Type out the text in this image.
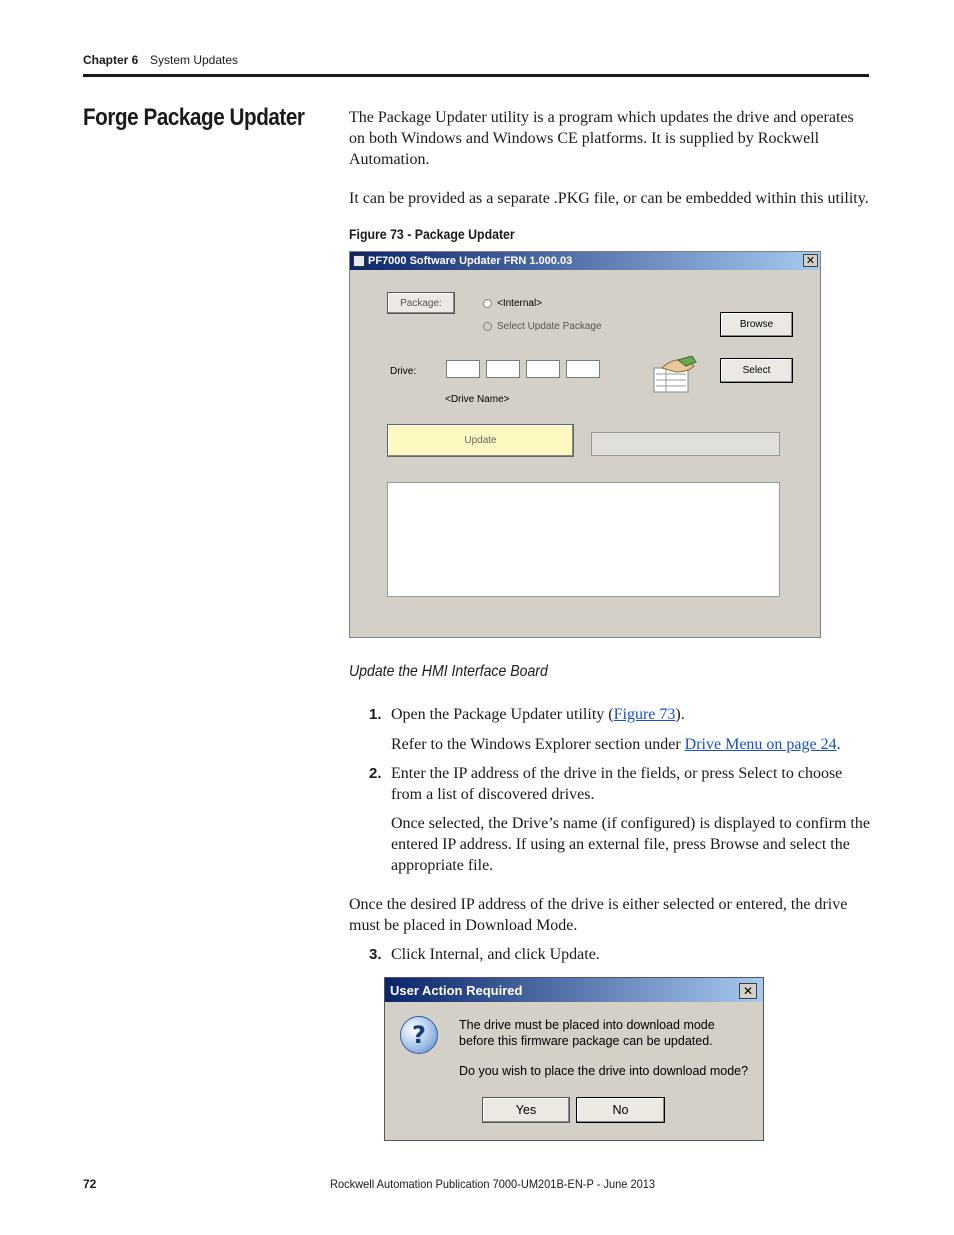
Chapter 6 System Updates
Forge Package Updater	The Package Updater utility is a program which updates the drive and operates on both Windows and Windows CE platforms. It is supplied by Rockwell Automation.
It can be provided as a separate .PKG file, or can be embedded within this utility.
Figure 73 - Package Updater
PF7000 Software Updater FRN 1.000.03	✕
Package:	<Internal>
Select Update Package	Browse
Drive:	Select
<Drive Name>
Update
Update the HMI Interface Board
1. Open the Package Updater utility (Figure 73).
Refer to the Windows Explorer section under Drive Menu on page 24.
2. Enter the IP address of the drive in the fields, or press Select to choose from a list of discovered drives.
Once selected, the Drive’s name (if configured) is displayed to confirm the entered IP address. If using an external file, press Browse and select the appropriate file.
Once the desired IP address of the drive is either selected or entered, the drive must be placed in Download Mode.
3. Click Internal, and click Update.
User Action Required	✕
?	The drive must be placed into download mode
before this firmware package can be updated.
Do you wish to place the drive into download mode?
Yes	No
72	Rockwell Automation Publication 7000-UM201B-EN-P - June 2013
